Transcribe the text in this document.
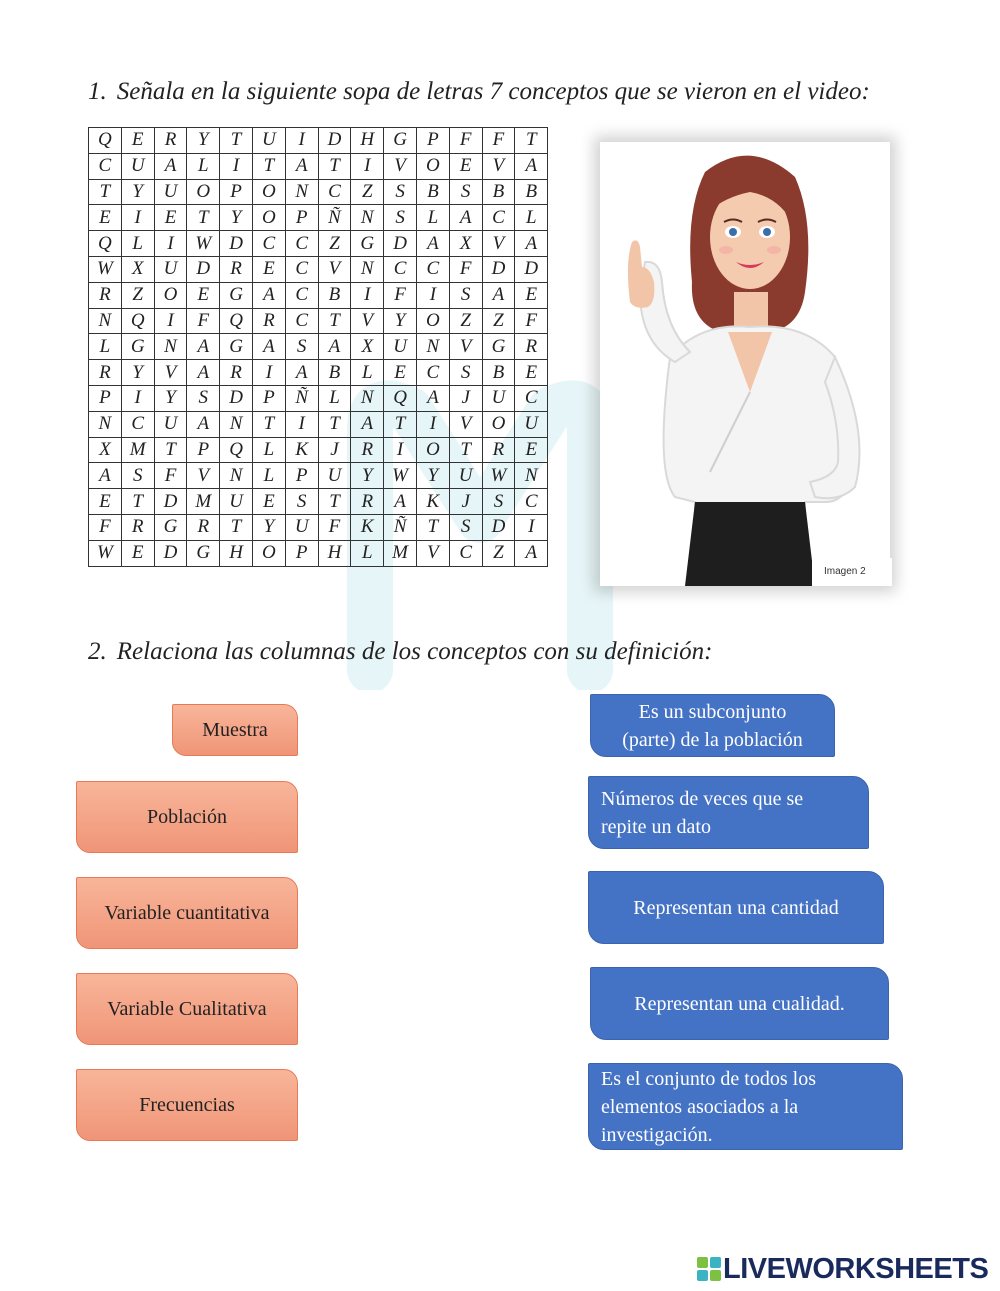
1. Señala en la siguiente sopa de letras 7 conceptos que se vieron en el video:
Q	E	R	Y	T	U	I	D	H	G	P	F	F	T
C	U	A	L	I	T	A	T	I	V	O	E	V	A
T	Y	U	O	P	O	N	C	Z	S	B	S	B	B
E	I	E	T	Y	O	P	Ñ	N	S	L	A	C	L
Q	L	I	W	D	C	C	Z	G	D	A	X	V	A
W	X	U	D	R	E	C	V	N	C	C	F	D	D
R	Z	O	E	G	A	C	B	I	F	I	S	A	E
N	Q	I	F	Q	R	C	T	V	Y	O	Z	Z	F
L	G	N	A	G	A	S	A	X	U	N	V	G	R
R	Y	V	A	R	I	A	B	L	E	C	S	B	E
P	I	Y	S	D	P	Ñ	L	N	Q	A	J	U	C
N	C	U	A	N	T	I	T	A	T	I	V	O	U
X	M	T	P	Q	L	K	J	R	I	O	T	R	E
A	S	F	V	N	L	P	U	Y	W	Y	U	W	N
E	T	D	M	U	E	S	T	R	A	K	J	S	C
F	R	G	R	T	Y	U	F	K	Ñ	T	S	D	I
W	E	D	G	H	O	P	H	L	M	V	C	Z	A
Imagen 2
2. Relaciona las columnas de los conceptos con su definición:
Muestra
Población
Variable cuantitativa
Variable Cualitativa
Frecuencias
Es un subconjunto
(parte) de la población
Números de veces que se
repite un dato
Representan una cantidad
Representan una cualidad.
Es el conjunto de todos los
elementos asociados a la
investigación.
LIVEWORKSHEETS
